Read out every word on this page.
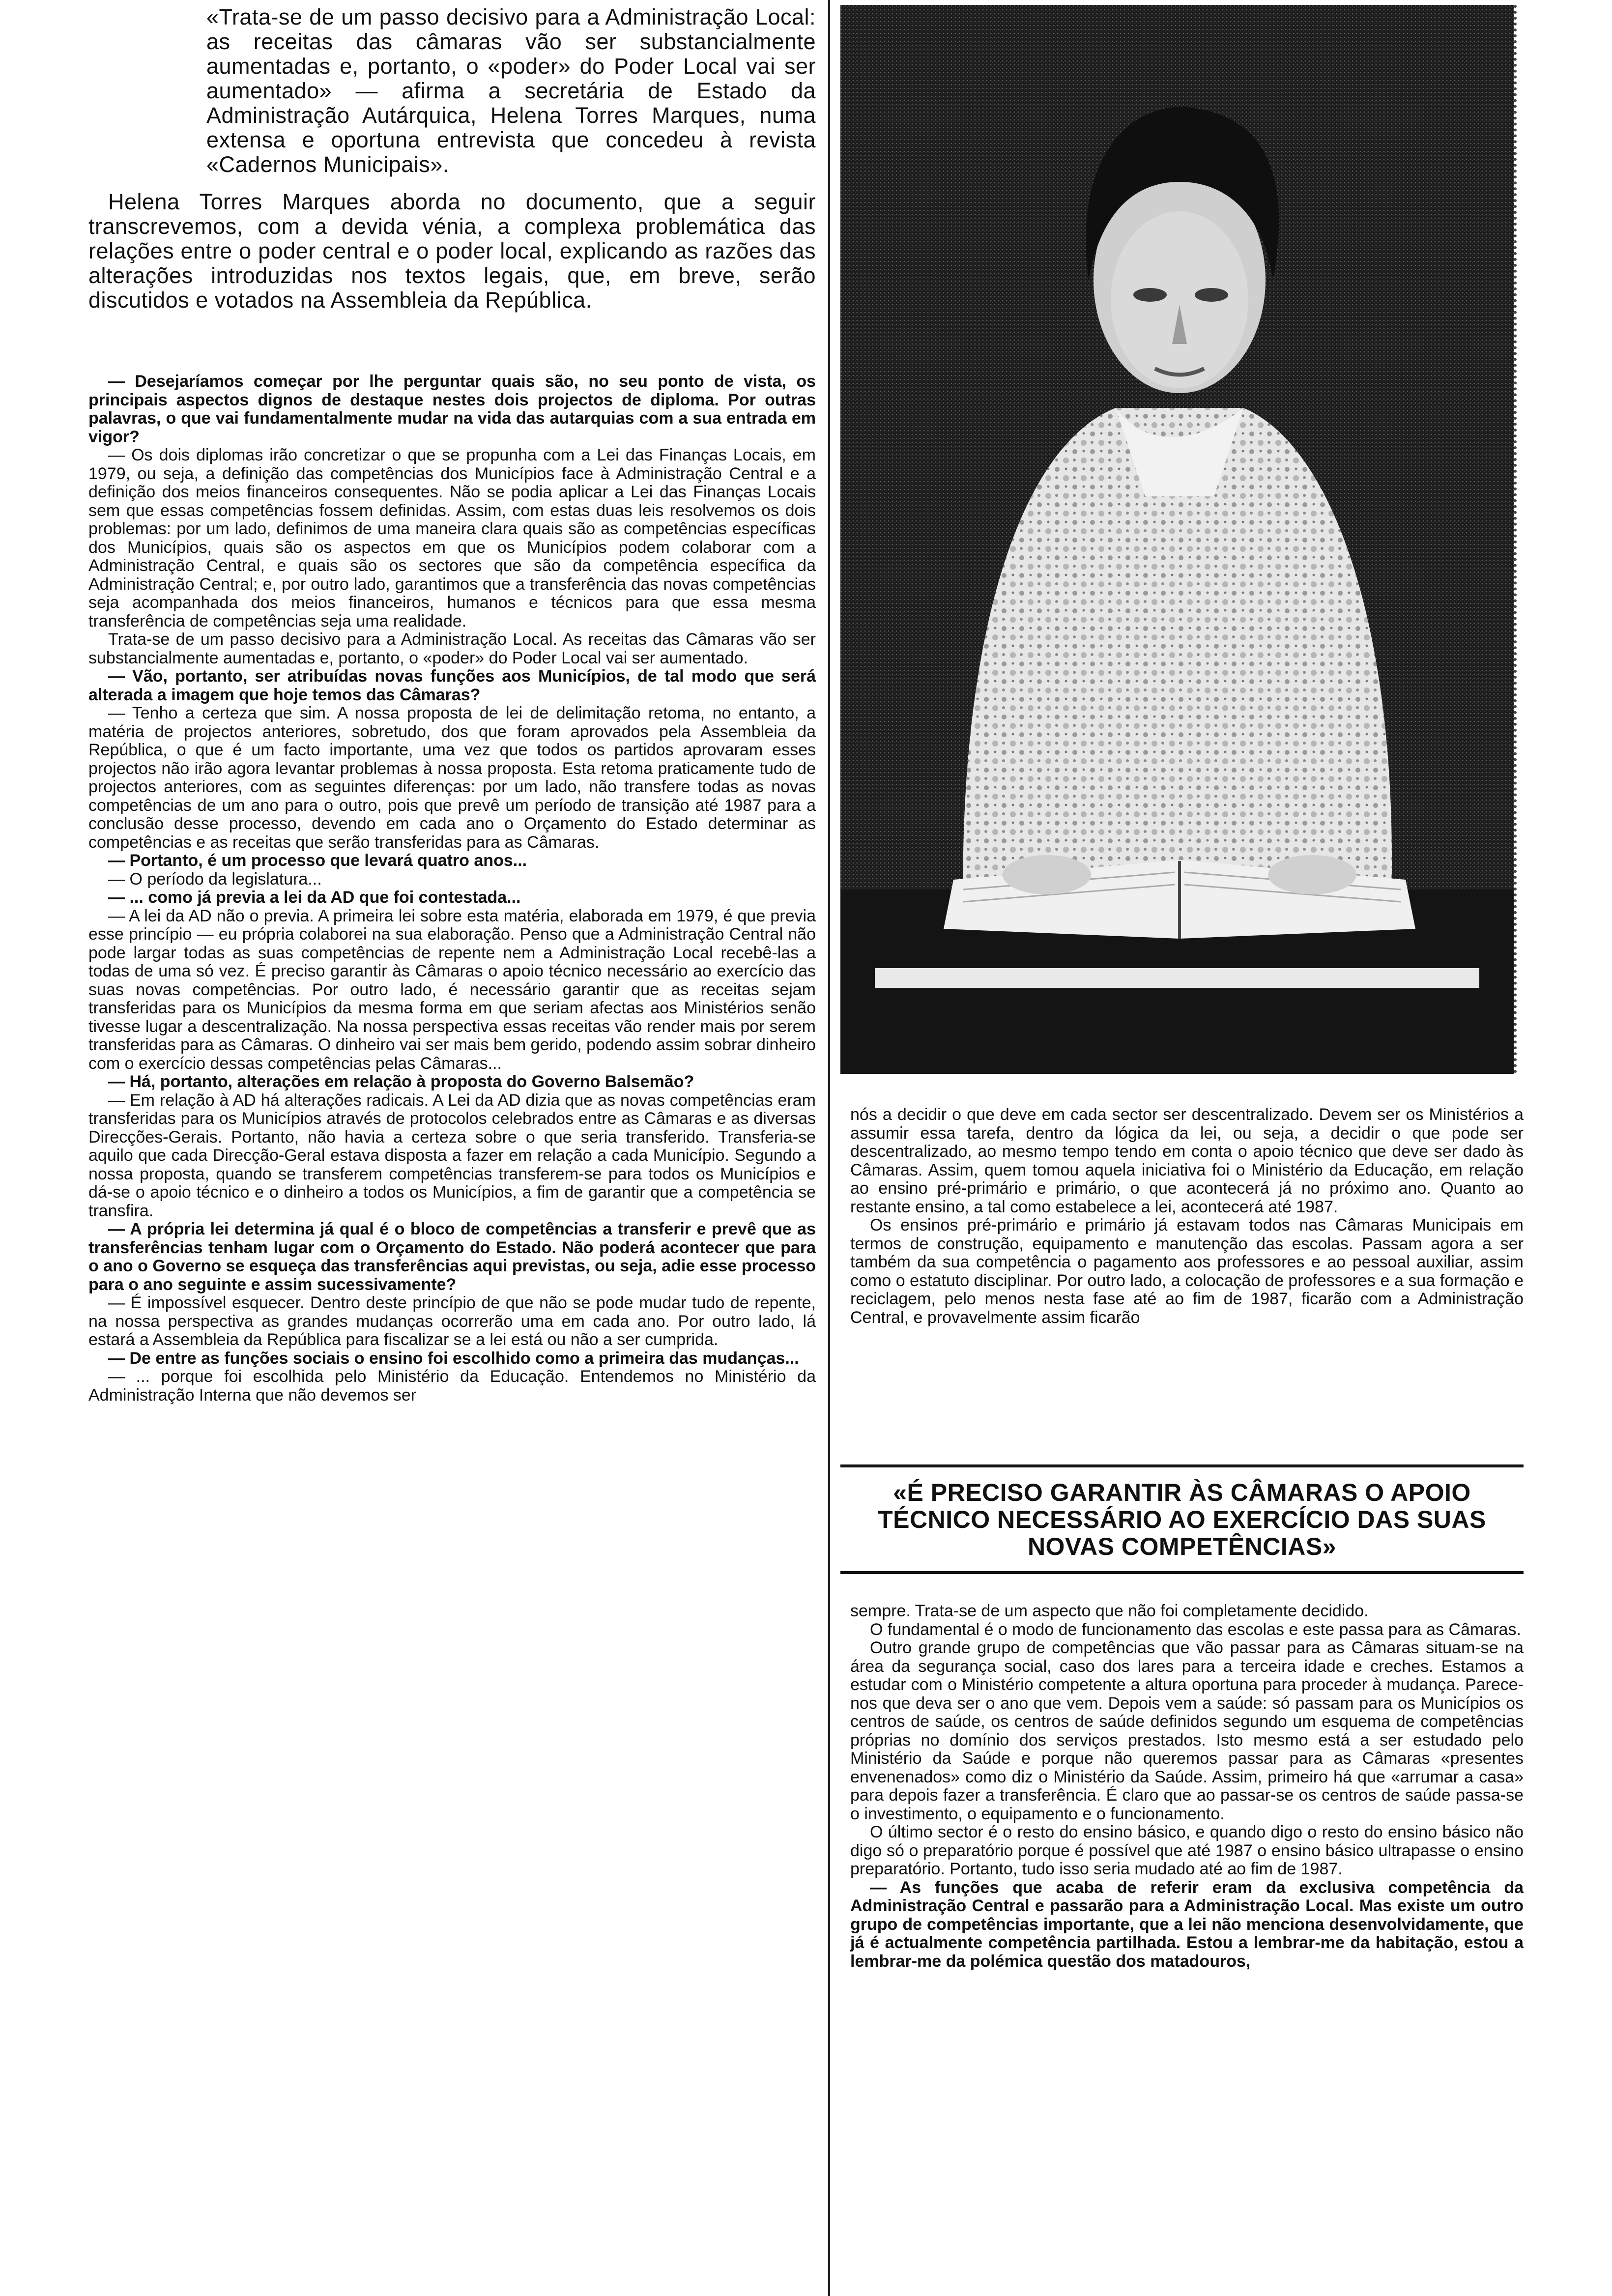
«Trata-se de um passo decisivo para a Administração Local: as receitas das câmaras vão ser substancialmente aumentadas e, portanto, o «poder» do Poder Local vai ser aumentado» — afirma a secretária de Estado da Administração Autárquica, Helena Torres Marques, numa extensa e oportuna entrevista que concedeu à revista «Cadernos Municipais».

Helena Torres Marques aborda no documento, que a seguir transcrevemos, com a devida vénia, a complexa problemática das relações entre o poder central e o poder local, explicando as razões das alterações introduzidas nos textos legais, que, em breve, serão discutidos e votados na Assembleia da República.

— Desejaríamos começar por lhe perguntar quais são, no seu ponto de vista, os principais aspectos dignos de destaque nestes dois projectos de diploma. Por outras palavras, o que vai fundamentalmente mudar na vida das autarquias com a sua entrada em vigor?

— Os dois diplomas irão concretizar o que se propunha com a Lei das Finanças Locais, em 1979, ou seja, a definição das competências dos Municípios face à Administração Central e a definição dos meios financeiros consequentes. Não se podia aplicar a Lei das Finanças Locais sem que essas competências fossem definidas. Assim, com estas duas leis resolvemos os dois problemas: por um lado, definimos de uma maneira clara quais são as competências específicas dos Municípios, quais são os aspectos em que os Municípios podem colaborar com a Administração Central, e quais são os sectores que são da competência específica da Administração Central; e, por outro lado, garantimos que a transferência das novas competências seja acompanhada dos meios financeiros, humanos e técnicos para que essa mesma transferência de competências seja uma realidade.

Trata-se de um passo decisivo para a Administração Local. As receitas das Câmaras vão ser substancialmente aumentadas e, portanto, o «poder» do Poder Local vai ser aumentado.

— Vão, portanto, ser atribuídas novas funções aos Municípios, de tal modo que será alterada a imagem que hoje temos das Câmaras?

— Tenho a certeza que sim. A nossa proposta de lei de delimitação retoma, no entanto, a matéria de projectos anteriores, sobretudo, dos que foram aprovados pela Assembleia da República, o que é um facto importante, uma vez que todos os partidos aprovaram esses projectos não irão agora levantar problemas à nossa proposta. Esta retoma praticamente tudo de projectos anteriores, com as seguintes diferenças: por um lado, não transfere todas as novas competências de um ano para o outro, pois que prevê um período de transição até 1987 para a conclusão desse processo, devendo em cada ano o Orçamento do Estado determinar as competências e as receitas que serão transferidas para as Câmaras.

— Portanto, é um processo que levará quatro anos...

— O período da legislatura...

— ... como já previa a lei da AD que foi contestada...

— A lei da AD não o previa. A primeira lei sobre esta matéria, elaborada em 1979, é que previa esse princípio — eu própria colaborei na sua elaboração. Penso que a Administração Central não pode largar todas as suas competências de repente nem a Administração Local recebê-las a todas de uma só vez. É preciso garantir às Câmaras o apoio técnico necessário ao exercício das suas novas competências. Por outro lado, é necessário garantir que as receitas sejam transferidas para os Municípios da mesma forma em que seriam afectas aos Ministérios senão tivesse lugar a descentralização. Na nossa perspectiva essas receitas vão render mais por serem transferidas para as Câmaras. O dinheiro vai ser mais bem gerido, podendo assim sobrar dinheiro com o exercício dessas competências pelas Câmaras...

— Há, portanto, alterações em relação à proposta do Governo Balsemão?

— Em relação à AD há alterações radicais. A Lei da AD dizia que as novas competências eram transferidas para os Municípios através de protocolos celebrados entre as Câmaras e as diversas Direcções-Gerais. Portanto, não havia a certeza sobre o que seria transferido. Transferia-se aquilo que cada Direcção-Geral estava disposta a fazer em relação a cada Município. Segundo a nossa proposta, quando se transferem competências transferem-se para todos os Municípios e dá-se o apoio técnico e o dinheiro a todos os Municípios, a fim de garantir que a competência se transfira.

— A própria lei determina já qual é o bloco de competências a transferir e prevê que as transferências tenham lugar com o Orçamento do Estado. Não poderá acontecer que para o ano o Governo se esqueça das transferências aqui previstas, ou seja, adie esse processo para o ano seguinte e assim sucessivamente?

— É impossível esquecer. Dentro deste princípio de que não se pode mudar tudo de repente, na nossa perspectiva as grandes mudanças ocorrerão uma em cada ano. Por outro lado, lá estará a Assembleia da República para fiscalizar se a lei está ou não a ser cumprida.

— De entre as funções sociais o ensino foi escolhido como a primeira das mudanças...

— ... porque foi escolhida pelo Ministério da Educação. Entendemos no Ministério da Administração Interna que não devemos ser

nós a decidir o que deve em cada sector ser descentralizado. Devem ser os Ministérios a assumir essa tarefa, dentro da lógica da lei, ou seja, a decidir o que pode ser descentralizado, ao mesmo tempo tendo em conta o apoio técnico que deve ser dado às Câmaras. Assim, quem tomou aquela iniciativa foi o Ministério da Educação, em relação ao ensino pré-primário e primário, o que acontecerá já no próximo ano. Quanto ao restante ensino, a tal como estabelece a lei, acontecerá até 1987.

Os ensinos pré-primário e primário já estavam todos nas Câmaras Municipais em termos de construção, equipamento e manutenção das escolas. Passam agora a ser também da sua competência o pagamento aos professores e ao pessoal auxiliar, assim como o estatuto disciplinar. Por outro lado, a colocação de professores e a sua formação e reciclagem, pelo menos nesta fase até ao fim de 1987, ficarão com a Administração Central, e provavelmente assim ficarão

«É PRECISO GARANTIR ÀS CÂMARAS O APOIO TÉCNICO NECESSÁRIO AO EXERCÍCIO DAS SUAS NOVAS COMPETÊNCIAS»

sempre. Trata-se de um aspecto que não foi completamente decidido.

O fundamental é o modo de funcionamento das escolas e este passa para as Câmaras.

Outro grande grupo de competências que vão passar para as Câmaras situam-se na área da segurança social, caso dos lares para a terceira idade e creches. Estamos a estudar com o Ministério competente a altura oportuna para proceder à mudança. Parece-nos que deva ser o ano que vem. Depois vem a saúde: só passam para os Municípios os centros de saúde, os centros de saúde definidos segundo um esquema de competências próprias no domínio dos serviços prestados. Isto mesmo está a ser estudado pelo Ministério da Saúde e porque não queremos passar para as Câmaras «presentes envenenados» como diz o Ministério da Saúde. Assim, primeiro há que «arrumar a casa» para depois fazer a transferência. É claro que ao passar-se os centros de saúde passa-se o investimento, o equipamento e o funcionamento.

O último sector é o resto do ensino básico, e quando digo o resto do ensino básico não digo só o preparatório porque é possível que até 1987 o ensino básico ultrapasse o ensino preparatório. Portanto, tudo isso seria mudado até ao fim de 1987.

— As funções que acaba de referir eram da exclusiva competência da Administração Central e passarão para a Administração Local. Mas existe um outro grupo de competências importante, que a lei não menciona desenvolvidamente, que já é actualmente competência partilhada. Estou a lembrar-me da habitação, estou a lembrar-me da polémica questão dos matadouros,
